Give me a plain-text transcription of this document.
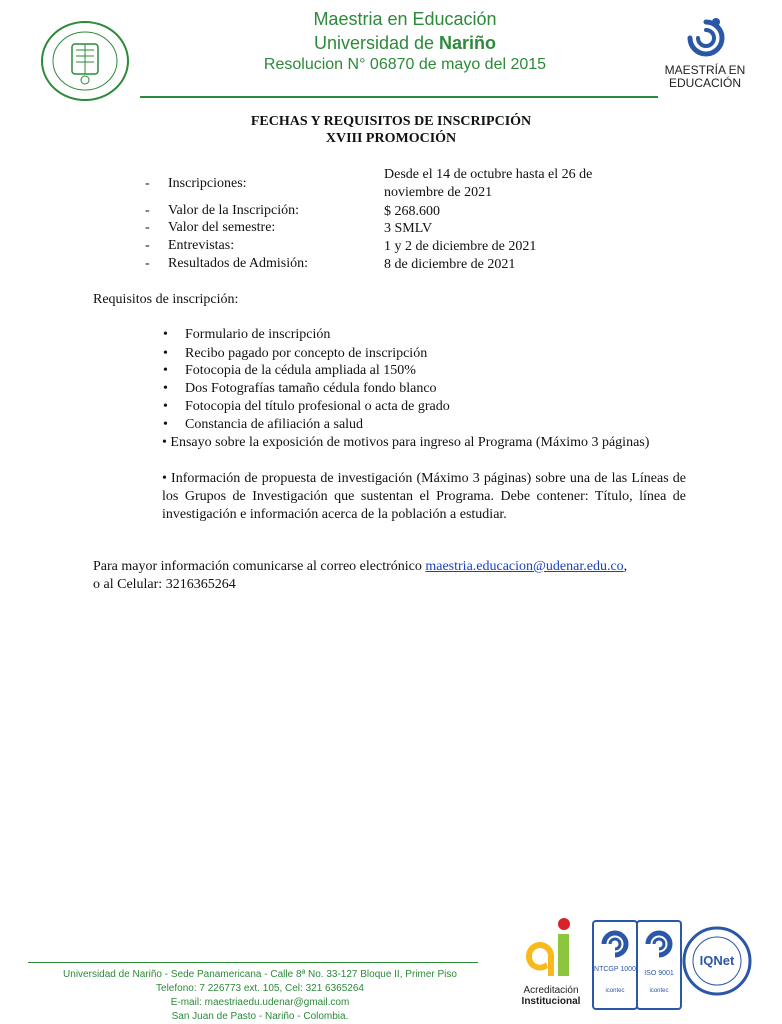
Maestria en Educación
Universidad de Nariño
Resolucion N° 06870 de mayo del 2015	MAESTRÍA EN
EDUCACIÓN
FECHAS Y REQUISITOS DE INSCRIPCIÓN
XVIII PROMOCIÓN
- Inscripciones:
Desde el 14 de octubre hasta el 26 de noviembre de 2021
- Valor de la Inscripción:	$ 268.600
- Valor del semestre:	3 SMLV
- Entrevistas:	1 y 2 de diciembre de 2021
- Resultados de Admisión:	8 de diciembre de 2021
Requisitos de inscripción:
• Formulario de inscripción
• Recibo pagado por concepto de inscripción
• Fotocopia de la cédula ampliada al 150%
• Dos Fotografías tamaño cédula fondo blanco
• Fotocopia del título profesional o acta de grado
• Constancia de afiliación a salud
• Ensayo sobre la exposición de motivos para ingreso al Programa (Máximo 3 páginas)
• Información de propuesta de investigación (Máximo 3 páginas) sobre una de las Líneas de los Grupos de Investigación que sustentan el Programa. Debe contener: Título, línea de investigación e información acerca de la población a estudiar.
Para mayor información comunicarse al correo electrónico maestria.educacion@udenar.edu.co,
o al Celular: 3216365264
Universidad de Nariño - Sede Panamericana - Calle 8ª No. 33-127 Bloque II, Primer Piso
Telefono: 7 226773 ext. 105, Cel: 321 6365264
E-mail: maestriaedu.udenar@gmail.com
San Juan de Pasto - Nariño - Colombia.
Acreditación
Institucional
NTCGP 1000
icontec
ISO 9001
icontec
IQNet
